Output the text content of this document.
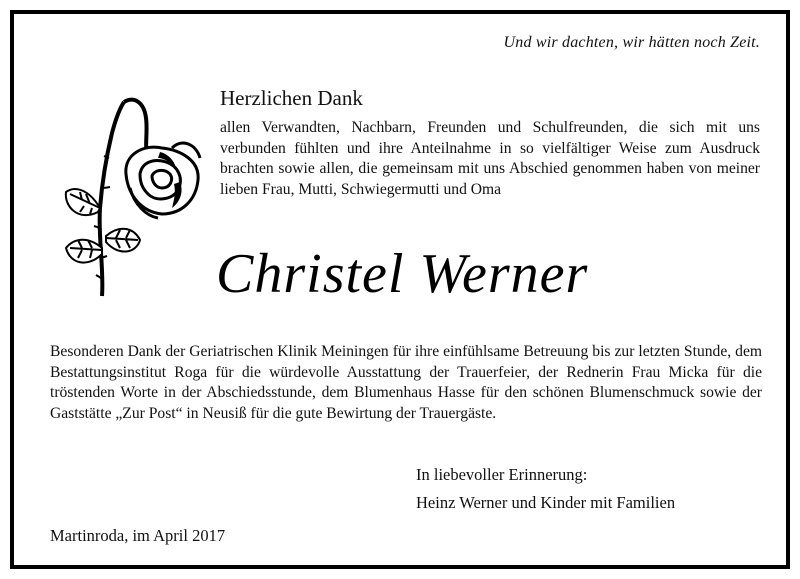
Und wir dachten, wir hätten noch Zeit.
Herzlichen Dank
allen Verwandten, Nachbarn, Freunden und Schulfreunden, die sich mit uns verbunden fühlten und ihre Anteilnahme in so vielfältiger Weise zum Ausdruck brachten sowie allen, die gemeinsam mit uns Abschied genommen haben von meiner lieben Frau, Mutti, Schwiegermutti und Oma
Christel Werner
Besonderen Dank der Geriatrischen Klinik Meiningen für ihre einfühlsame Betreuung bis zur letzten Stunde, dem Bestattungsinstitut Roga für die würdevolle Ausstattung der Trauerfeier, der Rednerin Frau Micka für die tröstenden Worte in der Abschiedsstunde, dem Blumenhaus Hasse für den schönen Blumenschmuck sowie der Gaststätte „Zur Post“ in Neusiß für die gute Bewirtung der Trauergäste.
In liebevoller Erinnerung:
Heinz Werner und Kinder mit Familien
Martinroda, im April 2017
